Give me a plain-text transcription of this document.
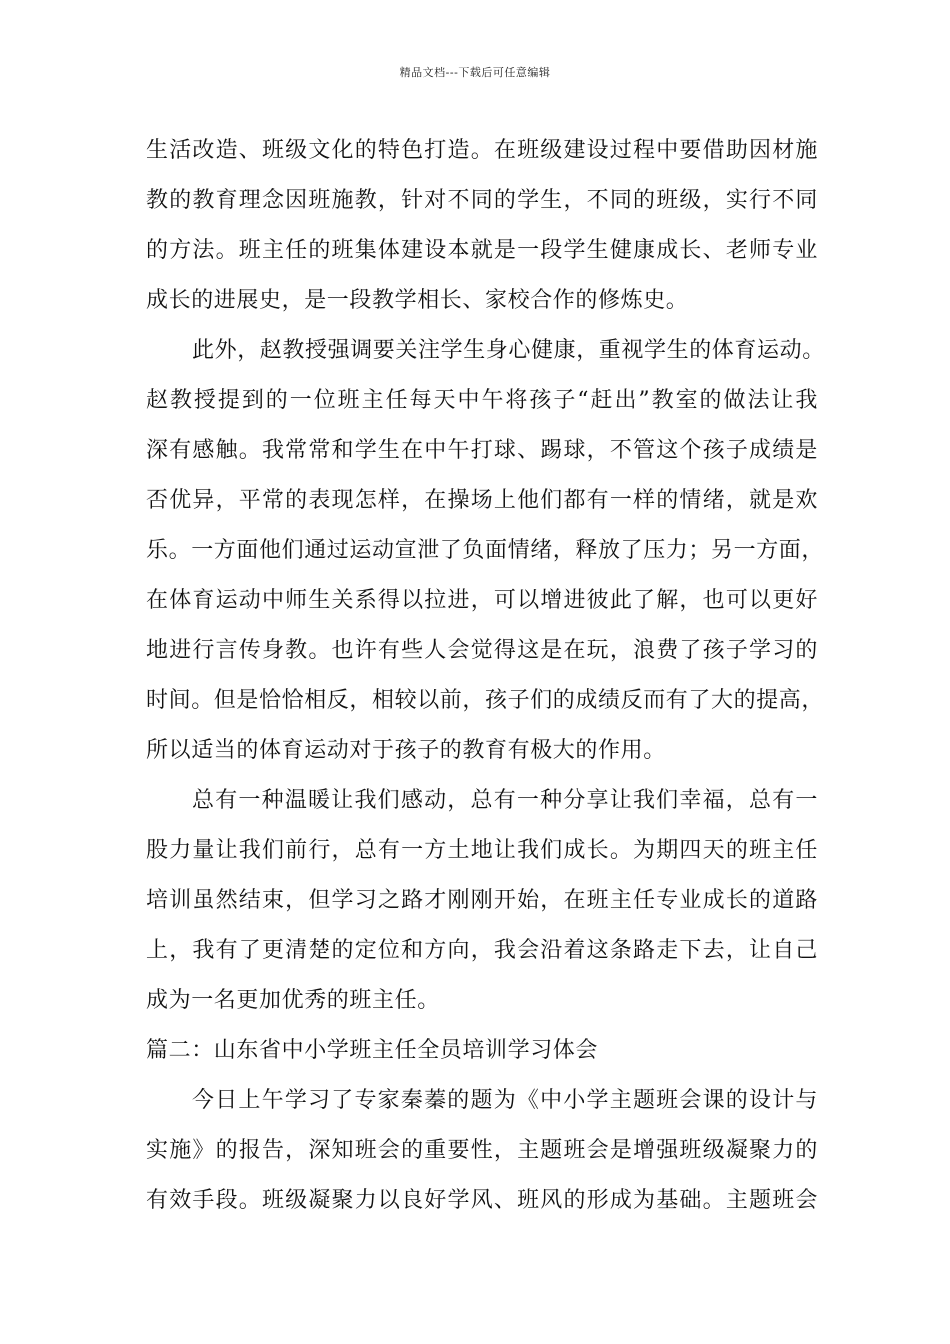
精品文档---下载后可任意编辑
生活改造、班级文化的特色打造。在班级建设过程中要借助因材施
教的教育理念因班施教，针对不同的学生，不同的班级，实行不同
的方法。班主任的班集体建设本就是一段学生健康成长、老师专业
成长的进展史，是一段教学相长、家校合作的修炼史。
此外，赵教授强调要关注学生身心健康，重视学生的体育运动。
赵教授提到的一位班主任每天中午将孩子“赶出”教室的做法让我
深有感触。我常常和学生在中午打球、踢球，不管这个孩子成绩是
否优异，平常的表现怎样，在操场上他们都有一样的情绪，就是欢
乐。一方面他们通过运动宣泄了负面情绪，释放了压力；另一方面，
在体育运动中师生关系得以拉进，可以增进彼此了解，也可以更好
地进行言传身教。也许有些人会觉得这是在玩，浪费了孩子学习的
时间。但是恰恰相反，相较以前，孩子们的成绩反而有了大的提高，
所以适当的体育运动对于孩子的教育有极大的作用。
总有一种温暖让我们感动，总有一种分享让我们幸福，总有一
股力量让我们前行，总有一方土地让我们成长。为期四天的班主任
培训虽然结束，但学习之路才刚刚开始，在班主任专业成长的道路
上，我有了更清楚的定位和方向，我会沿着这条路走下去，让自己
成为一名更加优秀的班主任。
篇二：山东省中小学班主任全员培训学习体会
今日上午学习了专家秦蓁的题为《中小学主题班会课的设计与
实施》的报告，深知班会的重要性，主题班会是增强班级凝聚力的
有效手段。班级凝聚力以良好学风、班风的形成为基础。主题班会
